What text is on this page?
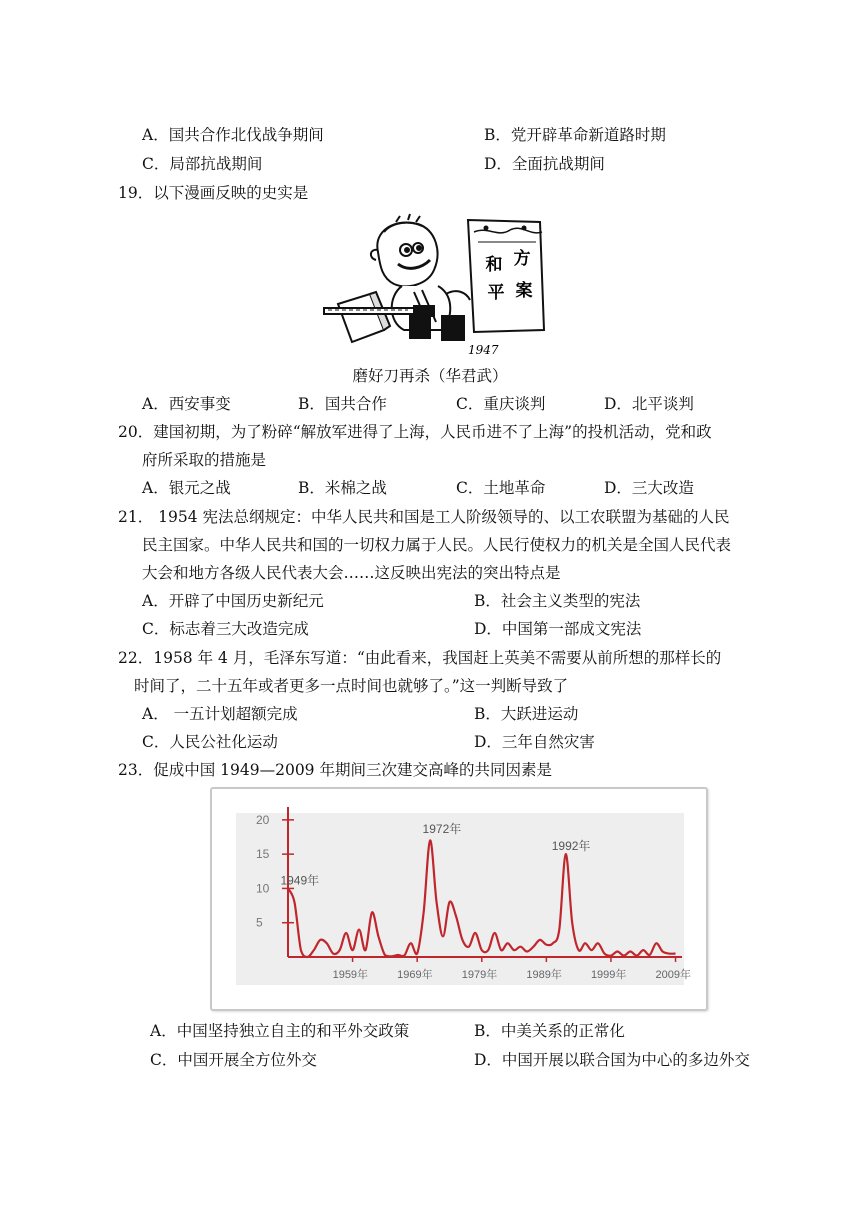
A．国共合作北伐战争期间	B．党开辟革命新道路时期
C．局部抗战期间	D．全面抗战期间
19．以下漫画反映的史实是
和 方
平 案
1947
磨好刀再杀（华君武）
A．西安事变	B．国共合作	C．重庆谈判	D．北平谈判
20．建国初期，为了粉碎“解放军进得了上海，人民币进不了上海”的投机活动，党和政
府所采取的措施是
A．银元之战	B．米棉之战	C．土地革命	D．三大改造
21． 1954 宪法总纲规定：中华人民共和国是工人阶级领导的、以工农联盟为基础的人民
民主国家。中华人民共和国的一切权力属于人民。人民行使权力的机关是全国人民代表
大会和地方各级人民代表大会……这反映出宪法的突出特点是
A．开辟了中国历史新纪元	B．社会主义类型的宪法
C．标志着三大改造完成	D．中国第一部成文宪法
22．1958 年 4 月，毛泽东写道：“由此看来，我国赶上英美不需要从前所想的那样长的
时间了，二十五年或者更多一点时间也就够了。”这一判断导致了
A． 一五计划超额完成	B．大跃进运动
C．人民公社化运动	D．三年自然灾害
23．促成中国 1949—2009 年期间三次建交高峰的共同因素是
20
15
10
5
1959年	1969年	1979年	1989年	1999年	2009年
1949年
1972年
1992年
A．中国坚持独立自主的和平外交政策	B．中美关系的正常化
C．中国开展全方位外交	D．中国开展以联合国为中心的多边外交
